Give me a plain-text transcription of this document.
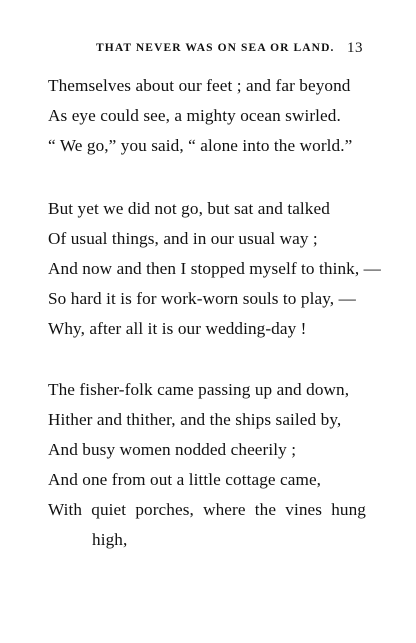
THAT NEVER WAS ON SEA OR LAND. 13
Themselves about our feet ; and far beyond
As eye could see, a mighty ocean swirled.
“ We go,” you said, “ alone into the world.”
But yet we did not go, but sat and talked
Of usual things, and in our usual way ;
And now and then I stopped myself to think, —
So hard it is for work-worn souls to play, —
Why, after all it is our wedding-day !
The fisher-folk came passing up and down,
Hither and thither, and the ships sailed by,
And busy women nodded cheerily ;
And one from out a little cottage came,
With quiet porches, where the vines hung
high,
